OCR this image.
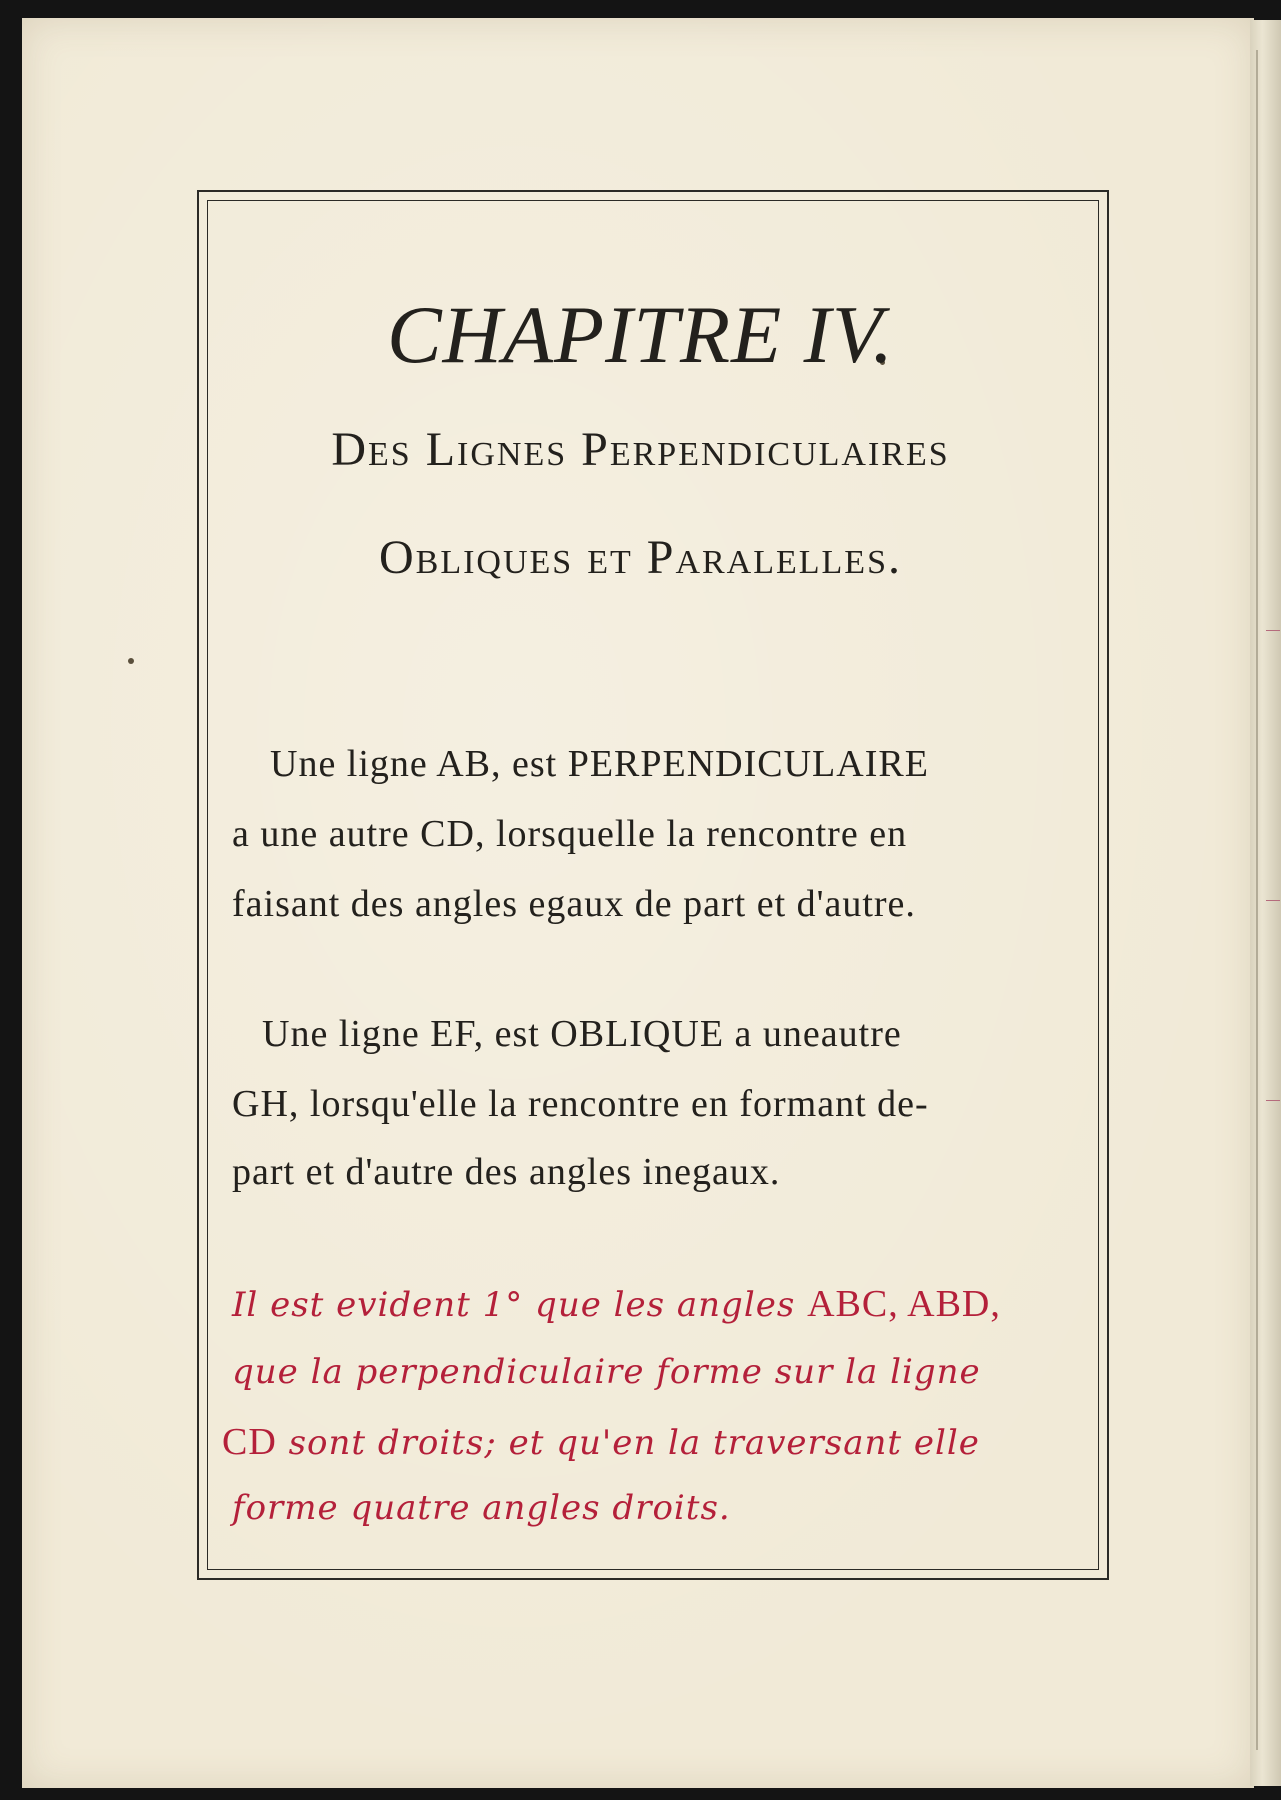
CHAPITRE IV.
Des Lignes Perpendiculaires
Obliques et Paralelles.
Une ligne AB, est PERPENDICULAIRE
a une autre CD, lorsquelle la rencontre en
faisant des angles egaux de part et d'autre.
Une ligne EF, est OBLIQUE a uneautre
GH, lorsqu'elle la rencontre en formant de-
part et d'autre des angles inegaux.
Il est evident 1° que les angles ABC, ABD,
que la perpendiculaire forme sur la ligne
CD sont droits; et qu'en la traversant elle
forme quatre angles droits.
